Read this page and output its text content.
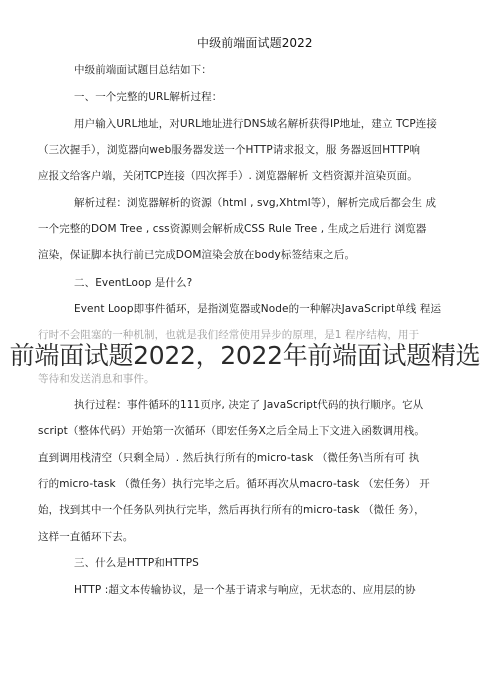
中级前端面试题2022
中级前端面试题目总结如下：
一、一个完整的URL解析过程：
用户输入URL地址，对URL地址进行DNS域名解析获得IP地址，建立 TCP连接
（三次握手），浏览器向web服务器发送一个HTTP请求报文，服 务器返回HTTP响
应报文给客户端，关闭TCP连接（四次挥手）. 浏览器解析 文档资源并渲染页面。
解析过程：浏览器解析的资源（html , svg,Xhtml等），解析完成后都会生 成
一个完整的DOM Tree , css资源则会解析成CSS Rule Tree , 生成之后进行 浏览器
渲染，保证脚本执行前已完成DOM渲染会放在body标签结束之后。
二、EventLoop 是什么?
Event Loop即事件循环，是指浏览器或Node的一种解决JavaScript单线 程运
行时不会阻塞的一种机制，也就是我们经常使用异步的原理，是1 程序结构，用于
等待和发送消息和事件。
执行过程：事件循环的111页序, 决定了 JavaScript代码的执行顺序。它从
script（整体代码）开始第一次循环（即宏任务X之后全局上下文进入函数调用栈。
直到调用栈清空（只剩全局）. 然后执行所有的micro-task （微任务\当所有可 执
行的micro-task （微任务）执行完毕之后。循环再次从macro-task （宏任务） 开
始，找到其中一个任务队列执行完毕，然后再执行所有的micro-task （微任 务），
这样一直循环下去。
三、什么是HTTP和HTTPS
HTTP :超文本传输协议，是一个基于请求与响应，无状态的、应用层的协
前端面试题2022，2022年前端面试题精选
